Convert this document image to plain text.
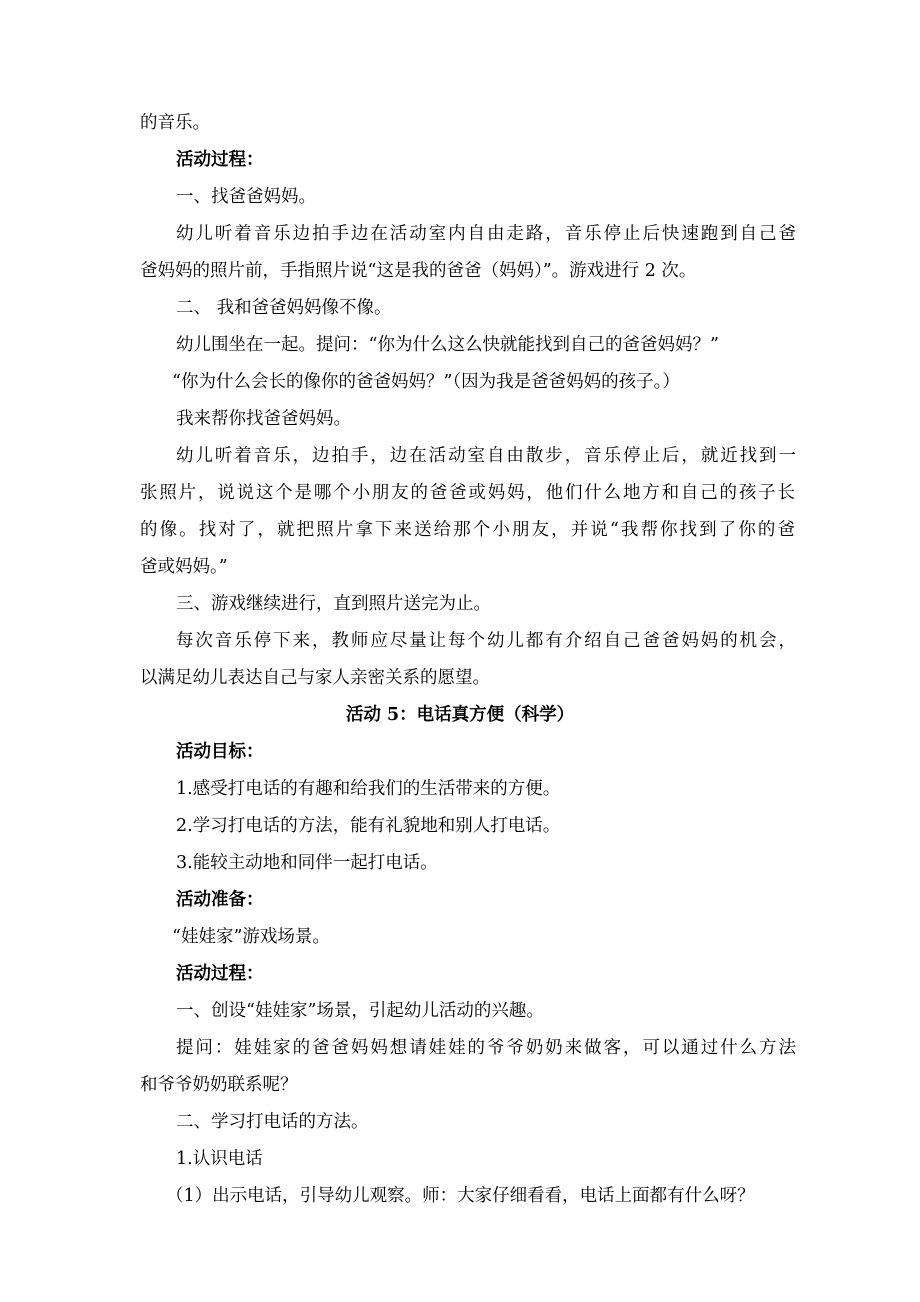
的音乐。
活动过程：
一、找爸爸妈妈。
幼儿听着音乐边拍手边在活动室内自由走路，音乐停止后快速跑到自己爸
爸妈妈的照片前，手指照片说“这是我的爸爸（妈妈）”。游戏进行 2 次。
二、 我和爸爸妈妈像不像。
幼儿围坐在一起。提问：“你为什么这么快就能找到自己的爸爸妈妈？”
“你为什么会长的像你的爸爸妈妈？”（因为我是爸爸妈妈的孩子。）
我来帮你找爸爸妈妈。
幼儿听着音乐，边拍手，边在活动室自由散步，音乐停止后，就近找到一
张照片，说说这个是哪个小朋友的爸爸或妈妈，他们什么地方和自己的孩子长
的像。找对了，就把照片拿下来送给那个小朋友，并说“我帮你找到了你的爸
爸或妈妈。”
三、游戏继续进行，直到照片送完为止。
每次音乐停下来，教师应尽量让每个幼儿都有介绍自己爸爸妈妈的机会，
以满足幼儿表达自己与家人亲密关系的愿望。
活动 5：电话真方便（科学）
活动目标：
1.感受打电话的有趣和给我们的生活带来的方便。
2.学习打电话的方法，能有礼貌地和别人打电话。
3.能较主动地和同伴一起打电话。
活动准备：
“娃娃家”游戏场景。
活动过程：
一、创设“娃娃家”场景，引起幼儿活动的兴趣。
提问：娃娃家的爸爸妈妈想请娃娃的爷爷奶奶来做客，可以通过什么方法
和爷爷奶奶联系呢？
二、学习打电话的方法。
1.认识电话
（1）出示电话，引导幼儿观察。师：大家仔细看看，电话上面都有什么呀？
